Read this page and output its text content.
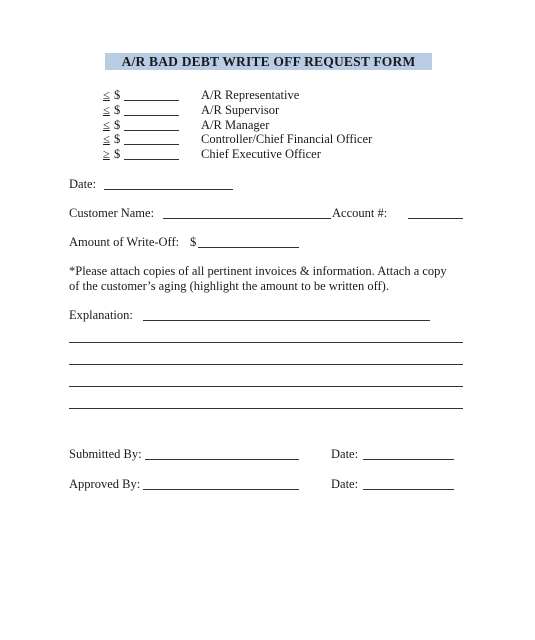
A/R BAD DEBT WRITE OFF REQUEST FORM
≤ $	A/R Representative
≤ $	A/R Supervisor
≤ $	A/R Manager
≤ $	Controller/Chief Financial Officer
≥ $	Chief Executive Officer
Date:
Customer Name:	Account #:
Amount of Write-Off: $
*Please attach copies of all pertinent invoices & information. Attach a copy
of the customer’s aging (highlight the amount to be written off).
Explanation:
Submitted By:	Date:
Approved By:	Date:
